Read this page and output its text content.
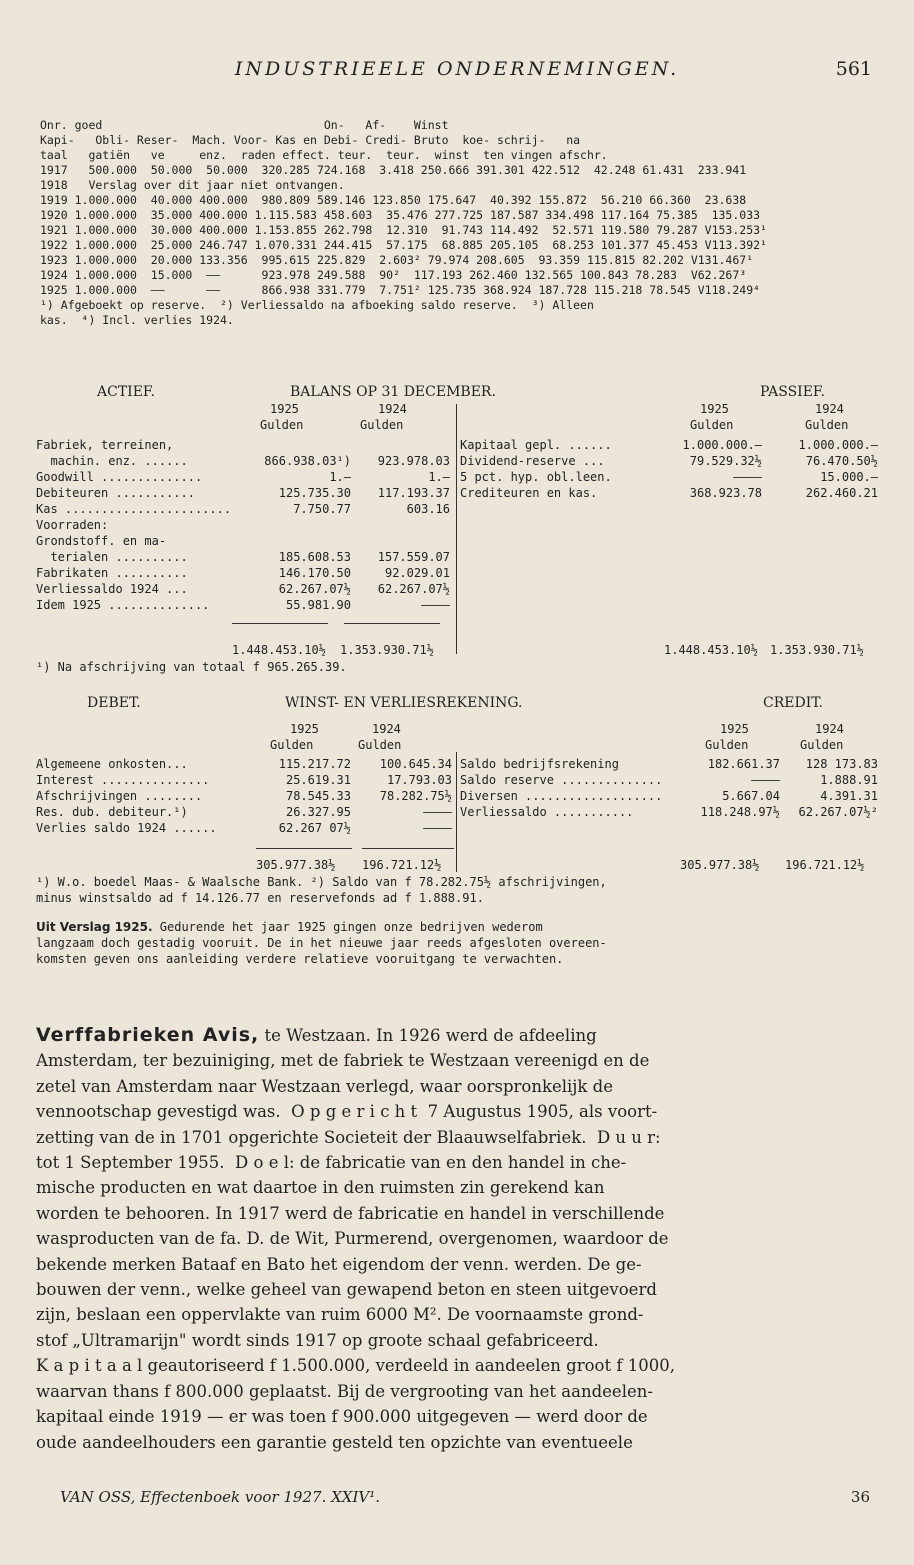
INDUSTRIEELE ONDERNEMINGEN.	561
Onr. goed                                On-   Af-    Winst
Kapi-   Obli- Reser-  Mach. Voor- Kas en Debi- Credi- Bruto  koe- schrij-   na
taal   gatiën   ve     enz.  raden effect. teur.  teur.  winst  ten vingen afschr.
1917   500.000  50.000  50.000  320.285 724.168  3.418 250.666 391.301 422.512  42.248 61.431  233.941
1918   Verslag over dit jaar niet ontvangen.
1919 1.000.000  40.000 400.000  980.809 589.146 123.850 175.647  40.392 155.872  56.210 66.360  23.638
1920 1.000.000  35.000 400.000 1.115.583 458.603  35.476 277.725 187.587 334.498 117.164 75.385  135.033
1921 1.000.000  30.000 400.000 1.153.855 262.798  12.310  91.743 114.492  52.571 119.580 79.287 V153.253¹
1922 1.000.000  25.000 246.747 1.070.331 244.415  57.175  68.885 205.105  68.253 101.377 45.453 V113.392¹
1923 1.000.000  20.000 133.356  995.615 225.829  2.603² 79.974 208.605  93.359 115.815 82.202 V131.467¹
1924 1.000.000  15.000  ——      923.978 249.588  90²  117.193 262.460 132.565 100.843 78.283  V62.267³
1925 1.000.000  ——      ——      866.938 331.779  7.751² 125.735 368.924 187.728 115.218 78.545 V118.249⁴
¹) Afgeboekt op reserve.  ²) Verliessaldo na afboeking saldo reserve.  ³) Alleen
kas.  ⁴) Incl. verlies 1924.
ACTIEF.	BALANS OP 31 DECEMBER.	PASSIEF.
1925	1924
Gulden	Gulden
1925	1924
Gulden	Gulden
Fabriek, terreinen,
machin. enz. ......	866.938.03¹) 923.978.03
Goodwill ..............	1.—	1.—
Debiteuren ...........	125.735.30 117.193.37
Kas .......................	7.750.77	603.16
Voorraden:
Grondstoff. en ma-
terialen ..........	185.608.53 157.559.07
Fabrikaten ..........	146.170.50	92.029.01
Verliessaldo 1924 ...	62.267.07½ 62.267.07½
Idem 1925 ..............	55.981.90	————
Kapitaal gepl. ......	1.000.000.—	1.000.000.—
Dividend-reserve ...	79.529.32½	76.470.50½
5 pct. hyp. obl.leen.	————	15.000.—
Crediteuren en kas.	368.923.78	262.460.21
1.448.453.10½ 1.353.930.71½	1.448.453.10½ 1.353.930.71½
¹) Na afschrijving van totaal f 965.265.39.
DEBET.	WINST- EN VERLIESREKENING.	CREDIT.
1925	1924
Gulden	Gulden
1925	1924
Gulden	Gulden
Algemeene onkosten...	115.217.72 100.645.34
Interest ...............	25.619.31	17.793.03
Afschrijvingen ........	78.545.33 78.282.75½
Res. dub. debiteur.¹)	26.327.95	————
Verlies saldo 1924 ......	62.267 07½	————
Saldo bedrijfsrekening	182.661.37 128 173.83
Saldo reserve ..............	————	1.888.91
Diversen ...................	5.667.04	4.391.31
Verliessaldo ...........	118.248.97½ 62.267.07½²
305.977.38½ 196.721.12½	305.977.38½ 196.721.12½
¹) W.o. boedel Maas- & Waalsche Bank. ²) Saldo van f 78.282.75½ afschrijvingen,
minus winstsaldo ad f 14.126.77 en reservefonds ad f 1.888.91.
Uit Verslag 1925. Gedurende het jaar 1925 gingen onze bedrijven wederom
langzaam doch gestadig vooruit. De in het nieuwe jaar reeds afgesloten overeen-
komsten geven ons aanleiding verdere relatieve vooruitgang te verwachten.
Verffabrieken Avis, te Westzaan. In 1926 werd de afdeeling
Amsterdam, ter bezuiniging, met de fabriek te Westzaan vereenigd en de
zetel van Amsterdam naar Westzaan verlegd, waar oorspronkelijk de
vennootschap gevestigd was.  O p g e r i c h t  7 Augustus 1905, als voort-
zetting van de in 1701 opgerichte Societeit der Blaauwselfabriek.  D u u r:
tot 1 September 1955.  D o e l: de fabricatie van en den handel in che-
mische producten en wat daartoe in den ruimsten zin gerekend kan
worden te behooren. In 1917 werd de fabricatie en handel in verschillende
wasproducten van de fa. D. de Wit, Purmerend, overgenomen, waardoor de
bekende merken Bataaf en Bato het eigendom der venn. werden. De ge-
bouwen der venn., welke geheel van gewapend beton en steen uitgevoerd
zijn, beslaan een oppervlakte van ruim 6000 M². De voornaamste grond-
stof „Ultramarijn" wordt sinds 1917 op groote schaal gefabriceerd.
K a p i t a a l geautoriseerd f 1.500.000, verdeeld in aandeelen groot f 1000,
waarvan thans f 800.000 geplaatst. Bij de vergrooting van het aandeelen-
kapitaal einde 1919 — er was toen f 900.000 uitgegeven — werd door de
oude aandeelhouders een garantie gesteld ten opzichte van eventueele
VAN OSS, Effectenboek voor 1927. XXIV¹.	36
